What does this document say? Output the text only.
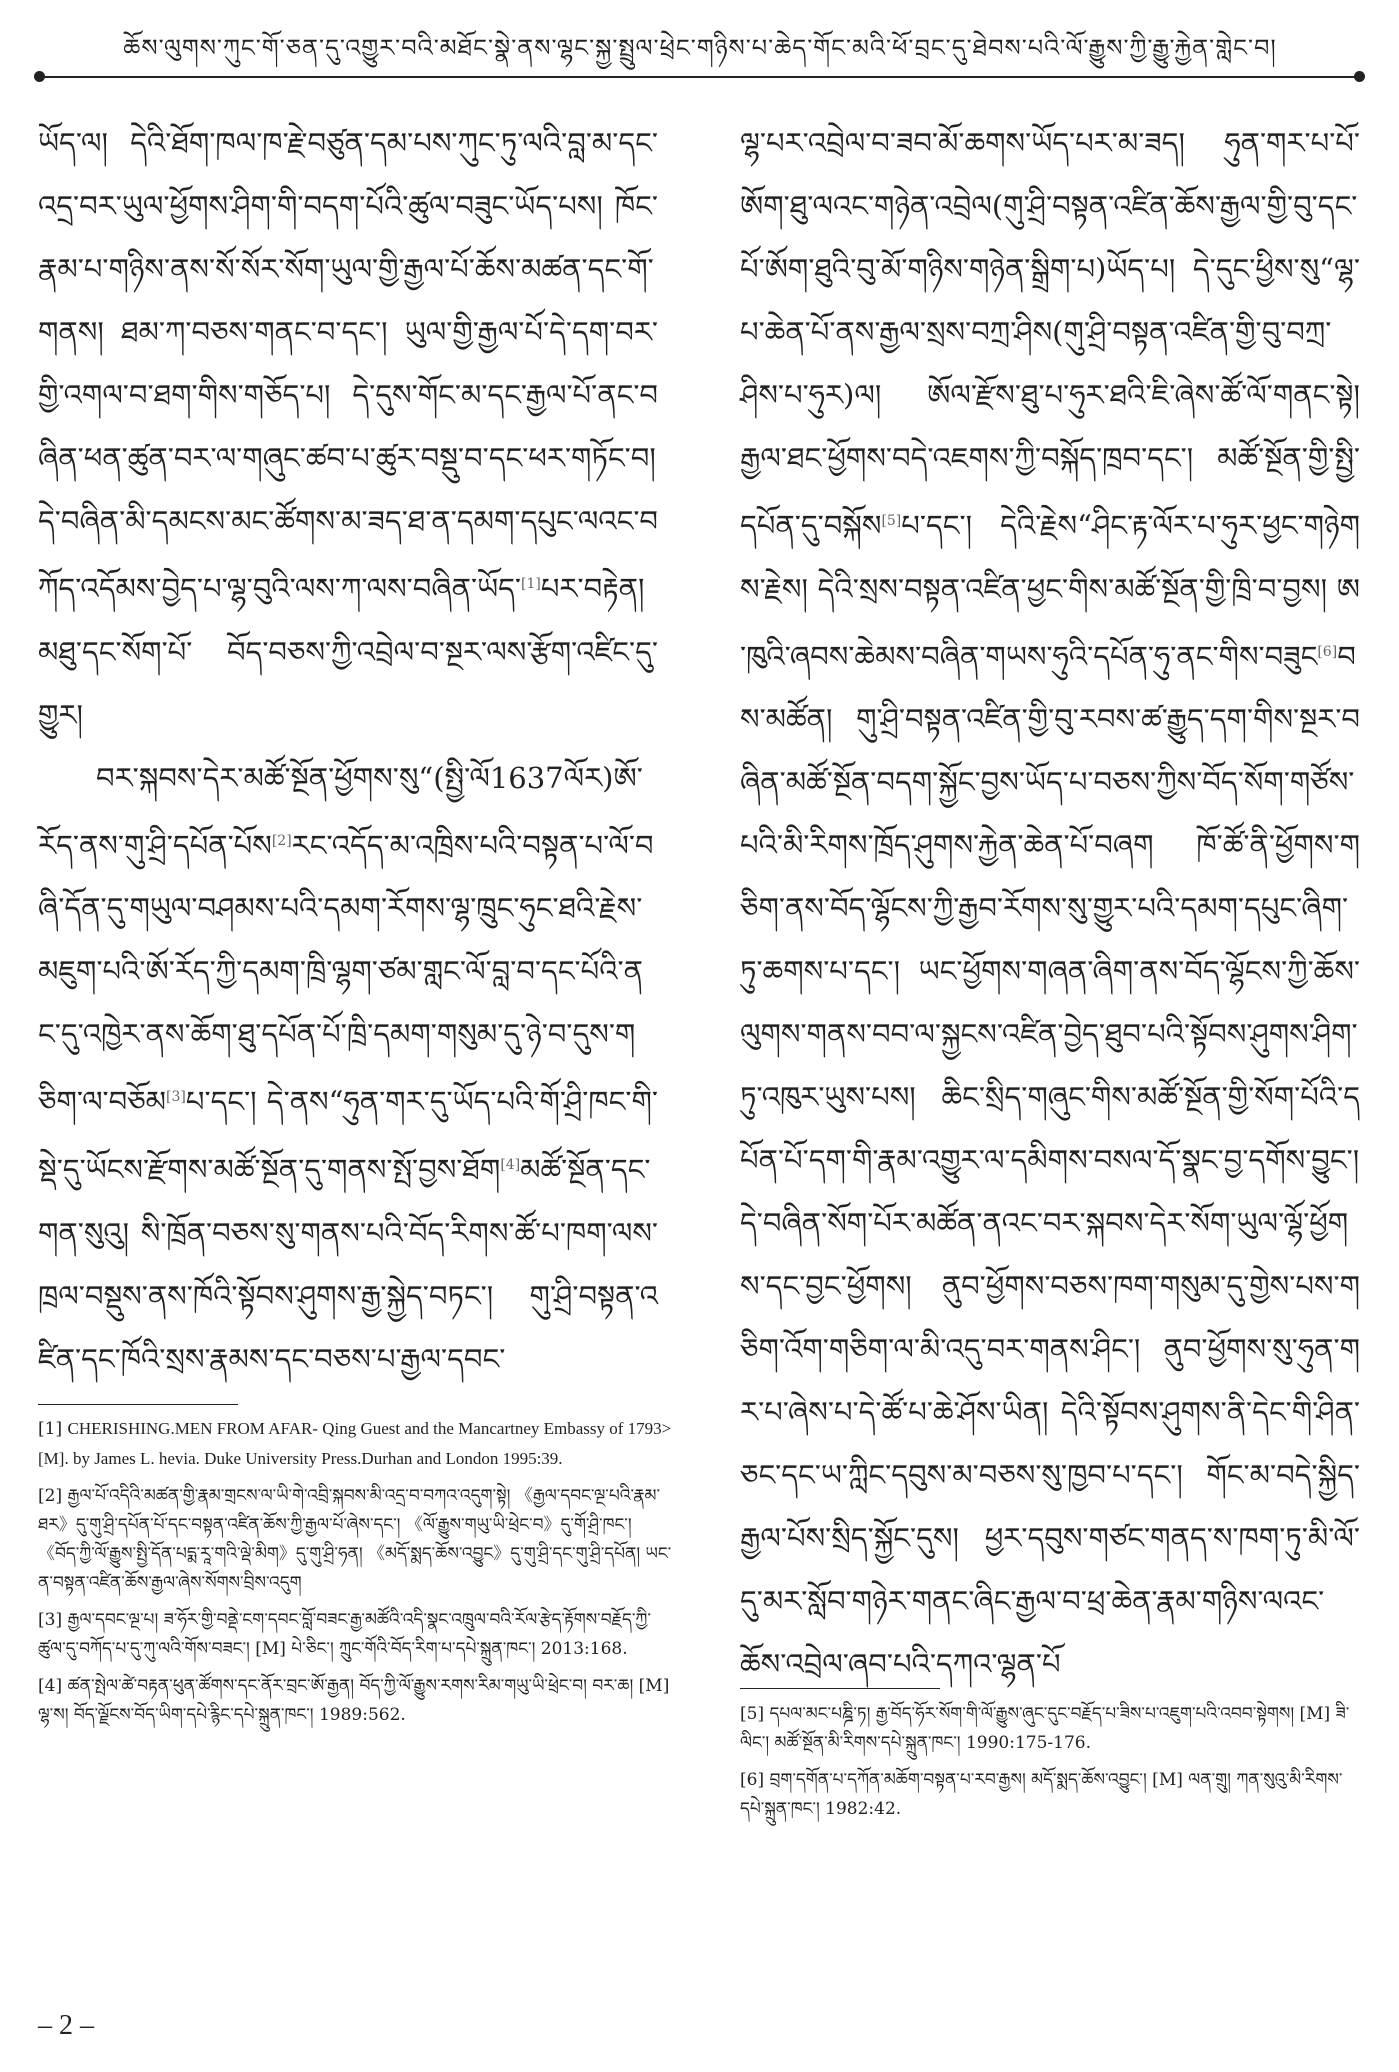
ཆོས་ལུགས་ཀུང་གོ་ཅན་དུ་འགྱུར་བའི་མཐོང་སྣེ་ནས་ལྷང་སྐྱ་སྤྲུལ་ཕྲེང་གཉིས་པ་ཆེད་གོང་མའི་ཕོ་བྲང་དུ་ཐེབས་པའི་ལོ་རྒྱུས་ཀྱི་རྒྱུ་རྐྱེན་གླེང་བ།

ཡོད་ལ། དེའི་ཐོག་ཁལ་ཁ་རྗེ་བཙུན་དམ་པས་ཀུང་ཏུ་ལའི་བླ་མ་དང་འདྲ་བར་ཡུལ་ཕྱོགས་ཤིག་གི་བདག་པོའི་ཚུལ་བཟུང་ཡོད་པས། ཁོང་རྣམ་པ་གཉིས་ནས་སོ་སོར་སོག་ཡུལ་གྱི་རྒྱལ་པོ་ཆོས་མཚན་དང་གོ་གནས། ཐམ་ཀ་བཅས་གནང་བ་དང་། ཡུལ་གྱི་རྒྱལ་པོ་དེ་དག་བར་གྱི་འགལ་བ་ཐག་གིས་གཅོད་པ། དེ་དུས་གོང་མ་དང་རྒྱལ་པོ་ནང་བཞིན་ཕན་ཚུན་བར་ལ་གཞུང་ཚབ་པ་ཚུར་བསྡུ་བ་དང་ཕར་གཏོང་བ། དེ་བཞིན་མི་དམངས་མང་ཚོགས་མ་ཟད་ཐ་ན་དམག་དཔུང་ལའང་བཀོད་འདོམས་བྱེད་པ་ལྷ་བུའི་ལས་ཀ་ལས་བཞིན་ཡོད་[1]པར་བརྟེན། མཐུ་དང་སོག་པོ་ བོད་བཅས་ཀྱི་འབྲེལ་བ་སྔར་ལས་རྩོག་འཛིང་དུ་གྱུར།

བར་སྐབས་དེར་མཚོ་སྔོན་ཕྱོགས་སུ“(སྤྱི་ལོ1637ལོར)ཨོ་རོད་ནས་གུ་ཤྲི་དཔོན་པོས[2]རང་འདོད་མ་འཁྲིས་པའི་བསྟན་པ་ལོ་བཞི་དོན་དུ་གཡུལ་བཤམས་པའི་དམག་རོགས་ལྷ་ཁྲུང་ཧུང་ཐའི་རྗེས་མཇུག་པའི་ཨོ་རོད་ཀྱི་དམག་ཁྲི་ལྷག་ཙམ་གླང་ལོ་བླ་བ་དང་པོའི་ནང་དུ་འཁྱེར་ནས་ཆོག་ཐུ་དཔོན་པོ་ཁྲི་དམག་གསུམ་དུ་ཉེ་བ་དུས་གཅིག་ལ་བཅོམ[3]པ་དང་། དེ་ནས“ཧུན་གར་དུ་ཡོད་པའི་གོ་ཤྲི་ཁང་གི་སྡེ་དུ་ཡོངས་རྫོགས་མཚོ་སྔོན་དུ་གནས་སྤོ་བྱས་ཐོག[4]མཚོ་སྔོན་དང་གན་སུའུ། སི་ཁྲོན་བཅས་སུ་གནས་པའི་བོད་རིགས་ཚོ་པ་ཁག་ལས་ཁྲལ་བསྡུས་ནས་ཁོའི་སྟོབས་ཤུགས་རྒྱ་སྐྱེད་བཏང་། གུ་ཤྲི་བསྟན་འཛིན་དང་ཁོའི་སྲས་རྣམས་དང་བཅས་པ་རྒྱལ་དབང་

ལྷ་པར་འབྲེལ་བ་ཟབ་མོ་ཆགས་ཡོད་པར་མ་ཟད། ཧུན་གར་པ་པོ་ཨོག་ཐུ་ལའང་གཉེན་འབྲེལ(གུ་ཤྲི་བསྟན་འཛིན་ཆོས་རྒྱལ་གྱི་བུ་དང་པོ་ཨོག་ཐུའི་བུ་མོ་གཉིས་གཉེན་སྒྲིག་པ)ཡོད་པ། དེ་དུང་ཕྱིས་སུ“ལྷ་པ་ཆེན་པོ་ནས་རྒྱལ་སྲས་བཀྲ་ཤིས(གུ་ཤྲི་བསྟན་འཛིན་གྱི་བུ་བཀྲ་ཤིས་པ་ཧུར)ལ། ཨོལ་རྫོས་ཐུ་པ་ཧུར་ཐའི་ཇི་ཞེས་ཚོ་ལོ་གནང་སྟེ། རྒྱལ་ཐང་ཕྱོགས་བདེ་འཇགས་ཀྱི་བསྐོད་ཁྲབ་དང་། མཚོ་སྔོན་གྱི་སྤྱི་དཔོན་དུ་བསྐོས[5]པ་དང་། དེའི་རྗེས“ཤིང་རྟ་ལོར་པ་ཧུར་ཕྱང་གཉེགས་རྗེས། དེའི་སྲས་བསྟན་འཛིན་ཕྱང་གིས་མཚོ་སྔོན་གྱི་ཁྲི་བ་བྱས། ཨ་ཁུའི་ཞབས་ཆེམས་བཞིན་གཡས་ཧུའི་དཔོན་ཧུ་ནང་གིས་བཟུང[6]བས་མཚོན། གུ་ཤྲི་བསྟན་འཛིན་གྱི་བུ་རབས་ཚ་རྒྱུད་དག་གིས་སྔར་བཞིན་མཚོ་སྔོན་བདག་སྐྱོང་བྱས་ཡོད་པ་བཅས་ཀྱིས་བོད་སོག་གཙོས་པའི་མི་རིགས་ཁྲོད་ཤུགས་རྐྱེན་ཆེན་པོ་བཞག ཁོ་ཚོ་ནི་ཕྱོགས་གཅིག་ནས་བོད་ལྷོངས་ཀྱི་རྒྱབ་རོགས་སུ་གྱུར་པའི་དམག་དཔུང་ཞིག་ཏུ་ཆགས་པ་དང་། ཡང་ཕྱོགས་གཞན་ཞིག་ནས་བོད་ལྷོངས་ཀྱི་ཆོས་ལུགས་གནས་བབ་ལ་སྐྱངས་འཛིན་བྱེད་ཐུབ་པའི་སྟོབས་ཤུགས་ཤིག་ཏུ་འཁུར་ཡུས་པས། ཆིང་སྲིད་གཞུང་གིས་མཚོ་སྔོན་གྱི་སོག་པོའི་དཔོན་པོ་དག་གི་རྣམ་འགྱུར་ལ་དམིགས་བསལ་དོ་སྣང་བྱ་དགོས་བྱུང་། དེ་བཞིན་སོག་པོར་མཚོན་ནའང་བར་སྐབས་དེར་སོག་ཡུལ་ལྷོ་ཕྱོགས་དང་བྱང་ཕྱོགས། ནུབ་ཕྱོགས་བཅས་ཁག་གསུམ་དུ་གྱེས་པས་གཅིག་འོག་གཅིག་ལ་མི་འདུ་བར་གནས་ཤིང་། ནུབ་ཕྱོགས་སུ་ཧུན་གར་པ་ཞེས་པ་དེ་ཚོ་པ་ཆེ་ཤོས་ཡིན། དེའི་སྟོབས་ཤུགས་ནི་དེང་གི་ཤིན་ཅང་དང་ཡ་ཀླིང་དབུས་མ་བཅས་སུ་ཁྱབ་པ་དང་། གོང་མ་བདེ་སྐྱིད་རྒྱལ་པོས་སྲིད་སྐྱོང་དུས། ཕྱར་དབུས་གཙང་གནད་ས་ཁག་ཏུ་མི་ལོ་དུ་མར་སློབ་གཉེར་གནང་ཞིང་རྒྱལ་བ་ཕྲ་ཆེན་རྣམ་གཉིས་ལའང་ཆོས་འབྲེལ་ཞབ་པའི་དཀའ་ལྷན་པོ

[1] CHERISHING.MEN FROM AFAR- Qing Guest and the Mancartney Embassy of 1793>[M]. by James L. hevia. Duke University Press.Durhan and London 1995:39.

[2] རྒྱལ་པོ་འདིའི་མཚན་གྱི་རྣམ་གྲངས་ལ་ཡི་གེ་འབྲི་སྐབས་མི་འདྲ་བ་བཀའ་འདུག་སྟེ། 《རྒྱལ་དབང་ལྔ་པའི་རྣམ་ཐར》དུ་གུ་ཤྲི་དཔོན་པོ་དང་བསྟན་འཛིན་ཆོས་ཀྱི་རྒྱལ་པོ་ཞེས་དང་། 《ལོ་རྒྱུས་གཡུ་ཡི་ཕྲེང་བ》དུ་གོ་ཤྲི་ཁང་། 《བོད་ཀྱི་ལོ་རྒྱུས་སྤྱི་དོན་པདྨ་རཱ་གའི་ལྡེ་མིག》དུ་གུ་ཤྲི་ཧན། 《མདོ་སྨད་ཆོས་འབྱུང》དུ་གུ་ཤྲི་དང་གུ་ཤྲི་དཔོན། ཡང་ན་བསྟན་འཛིན་ཆོས་རྒྱལ་ཞེས་སོགས་བྲིས་འདུག

[3] རྒྱལ་དབང་ལྔ་པ། ཟ་ཧོར་གྱི་བནྡེ་ངག་དབང་བློ་བཟང་རྒྱ་མཚོའི་འདི་སྣང་འཁྲུལ་བའི་རོལ་རྩེད་རྟོགས་བརྗོད་ཀྱི་ཚུལ་དུ་བཀོད་པ་དུ་ཀུ་ལའི་གོས་བཟང་། [M] པེ་ཅིང་། ཀྲུང་གོའི་བོད་རིག་པ་དཔེ་སྐྲུན་ཁང་། 2013:168.

[4] ཚན་སྤེལ་ཚེ་བརྟན་ཕུན་ཚོགས་དང་ནོར་བྲང་ཨོ་རྒྱན། བོད་ཀྱི་ལོ་རྒྱུས་རགས་རིམ་གཡུ་ཡི་ཕྲེང་བ། བར་ཆ། [M] ལྷ་ས། བོད་ལྗོངས་བོད་ཡིག་དཔེ་རྙིང་དཔེ་སྐྲུན་ཁང་། 1989:562.	[5] དཔལ་མང་པཎྜི་ཏ། རྒྱ་བོད་ཧོར་སོག་གི་ལོ་རྒྱུས་ཞུང་དུང་བརྗོད་པ་ཟིས་པ་འཇུག་པའི་འབབ་སྟེགས། [M] ཟི་ལིང་། མཚོ་སྔོན་མི་རིགས་དཔེ་སྐྲུན་ཁང་། 1990:175-176.

[6] བྲག་དགོན་པ་དཀོན་མཆོག་བསྟན་པ་རབ་རྒྱས། མདོ་སྨད་ཆོས་འབྱུང་། [M] ལན་གྲུ། ཀན་སུའུ་མི་རིགས་དཔེ་སྐྲུན་ཁང་། 1982:42.

– 2 –
